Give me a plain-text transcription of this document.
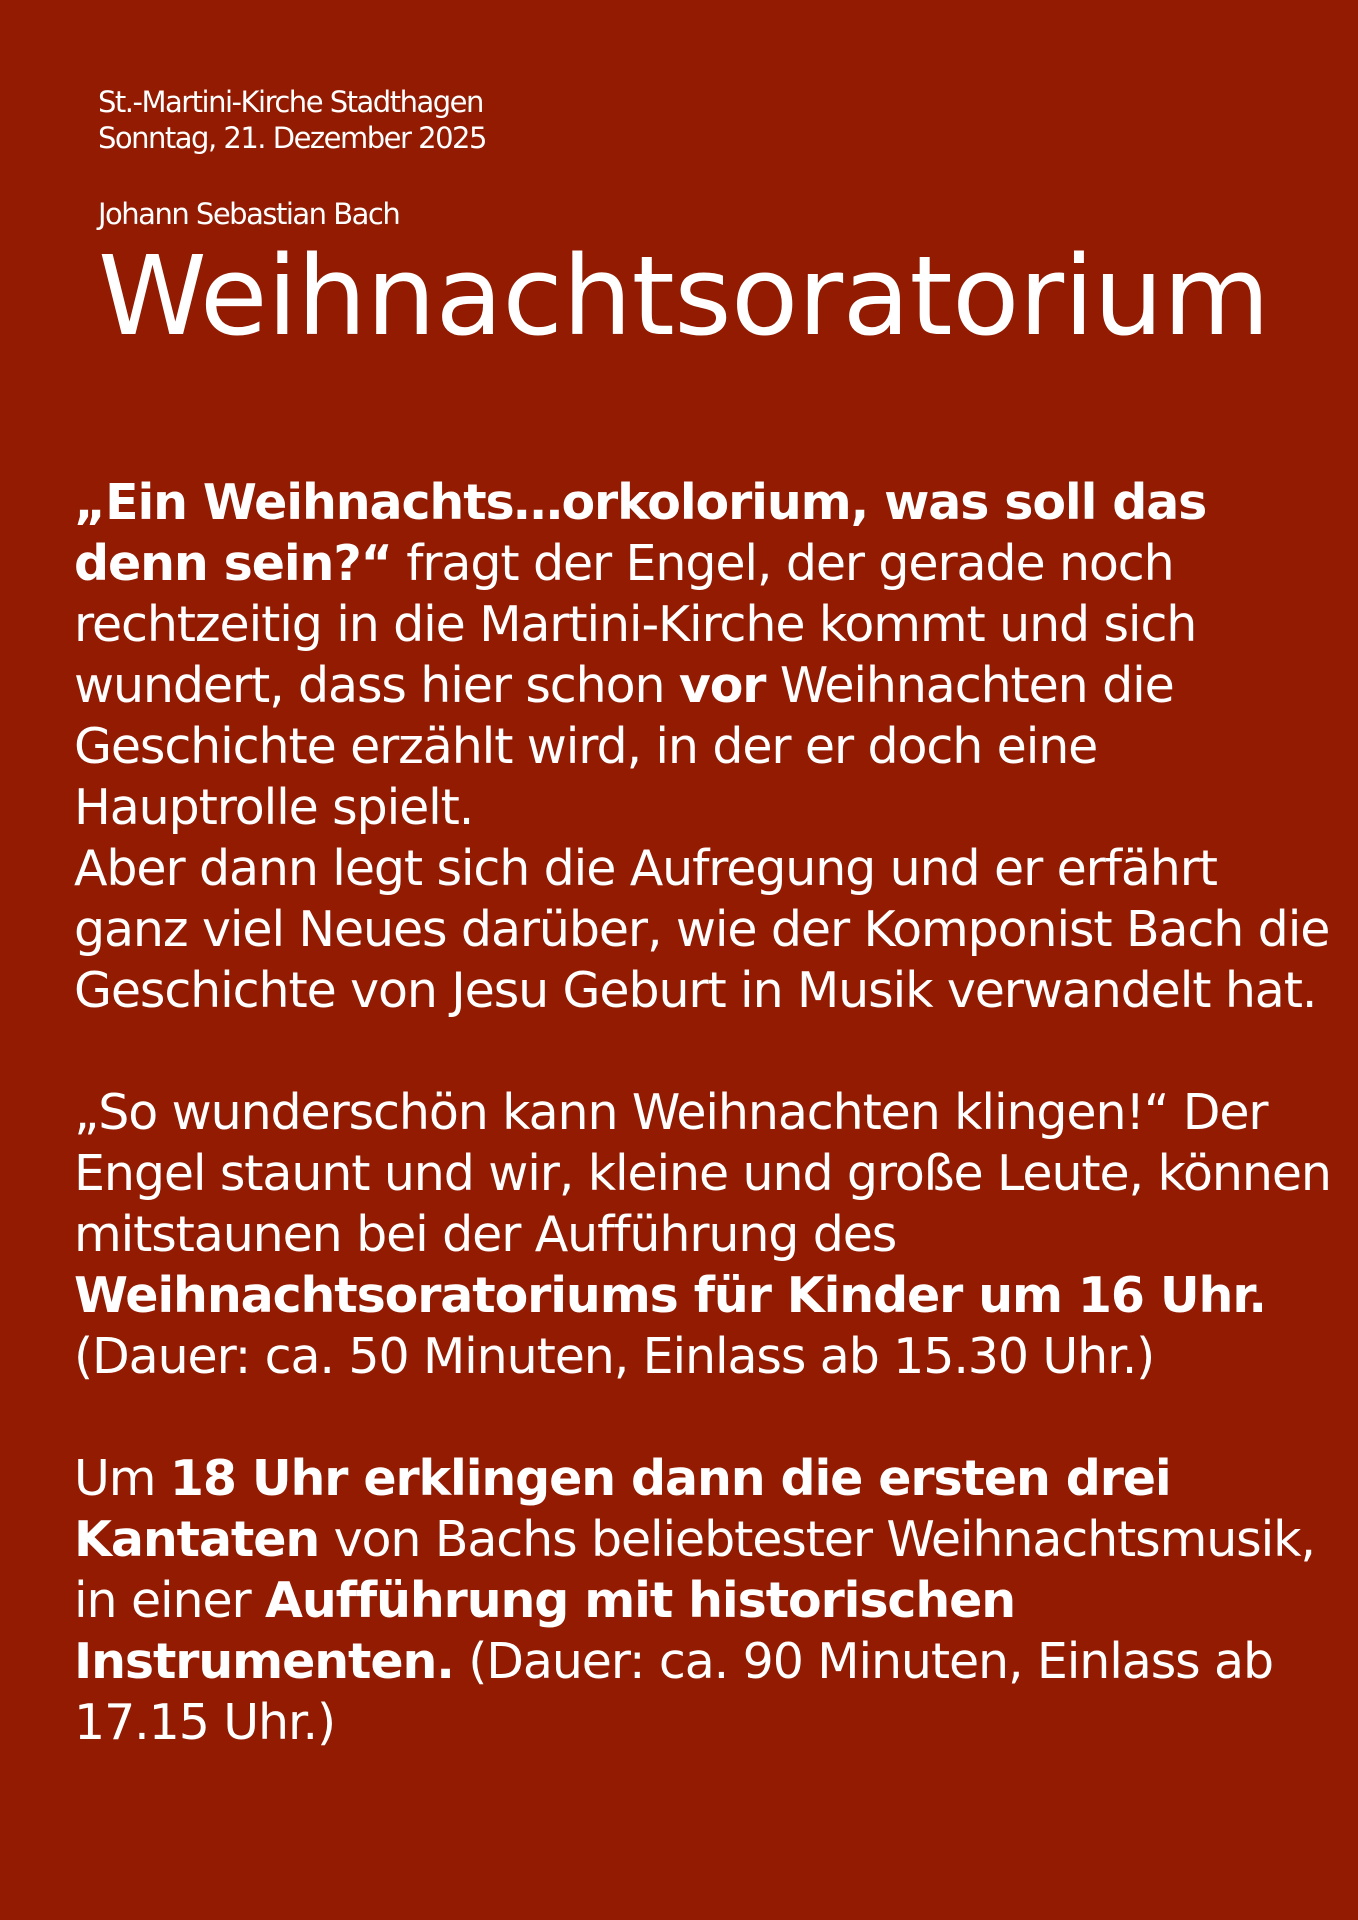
St.-Martini-Kirche Stadthagen
Sonntag, 21. Dezember 2025
Johann Sebastian Bach
Weihnachtsoratorium

„Ein Weihnachts…orkolorium, was soll das denn sein?“ fragt der Engel, der gerade noch rechtzeitig in die Martini-Kirche kommt und sich wundert, dass hier schon vor Weihnachten die Geschichte erzählt wird, in der er doch eine Hauptrolle spielt.

Aber dann legt sich die Aufregung und er erfährt ganz viel Neues darüber, wie der Komponist Bach die Geschichte von Jesu Geburt in Musik verwandelt hat.

„So wunderschön kann Weihnachten klingen!“ Der Engel staunt und wir, kleine und große Leute, können mitstaunen bei der Aufführung des Weihnachtsoratoriums für Kinder um 16 Uhr.
(Dauer: ca. 50 Minuten, Einlass ab 15.30 Uhr.)

Um 18 Uhr erklingen dann die ersten drei Kantaten von Bachs beliebtester Weihnachtsmusik, in einer Aufführung mit historischen Instrumenten. (Dauer: ca. 90 Minuten, Einlass ab 17.15 Uhr.)
